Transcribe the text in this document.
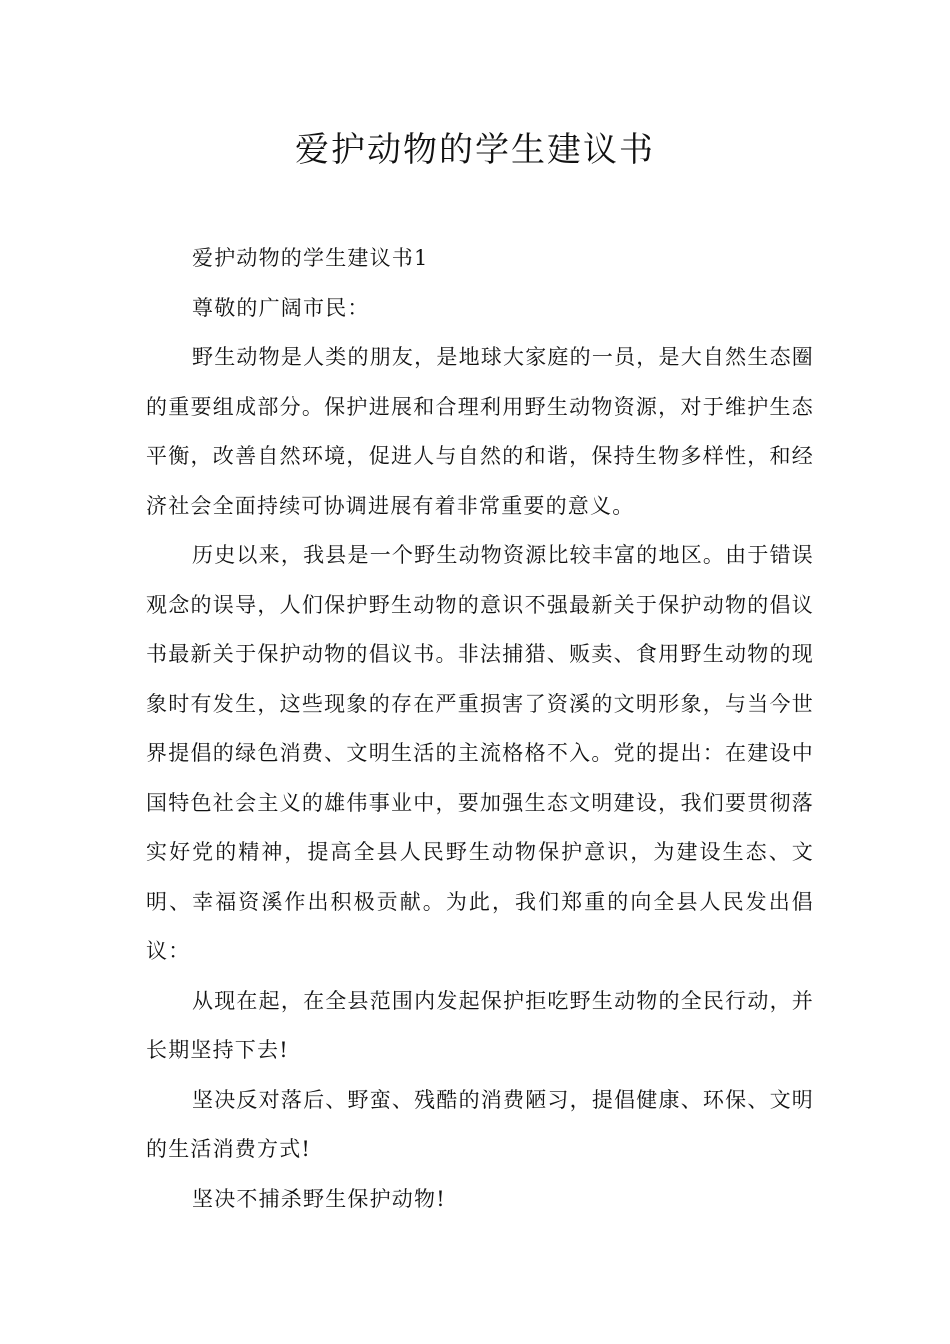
爱护动物的学生建议书

爱护动物的学生建议书1

尊敬的广阔市民：

野生动物是人类的朋友，是地球大家庭的一员，是大自然生态圈的重要组成部分。保护进展和合理利用野生动物资源，对于维护生态平衡，改善自然环境，促进人与自然的和谐，保持生物多样性，和经济社会全面持续可协调进展有着非常重要的意义。

历史以来，我县是一个野生动物资源比较丰富的地区。由于错误观念的误导，人们保护野生动物的意识不强最新关于保护动物的倡议书最新关于保护动物的倡议书。非法捕猎、贩卖、食用野生动物的现象时有发生，这些现象的存在严重损害了资溪的文明形象，与当今世界提倡的绿色消费、文明生活的主流格格不入。党的提出：在建设中国特色社会主义的雄伟事业中，要加强生态文明建设，我们要贯彻落实好党的精神，提高全县人民野生动物保护意识，为建设生态、文明、幸福资溪作出积极贡献。为此，我们郑重的向全县人民发出倡议：

从现在起，在全县范围内发起保护拒吃野生动物的全民行动，并长期坚持下去!

坚决反对落后、野蛮、残酷的消费陋习，提倡健康、环保、文明的生活消费方式!

坚决不捕杀野生保护动物!
